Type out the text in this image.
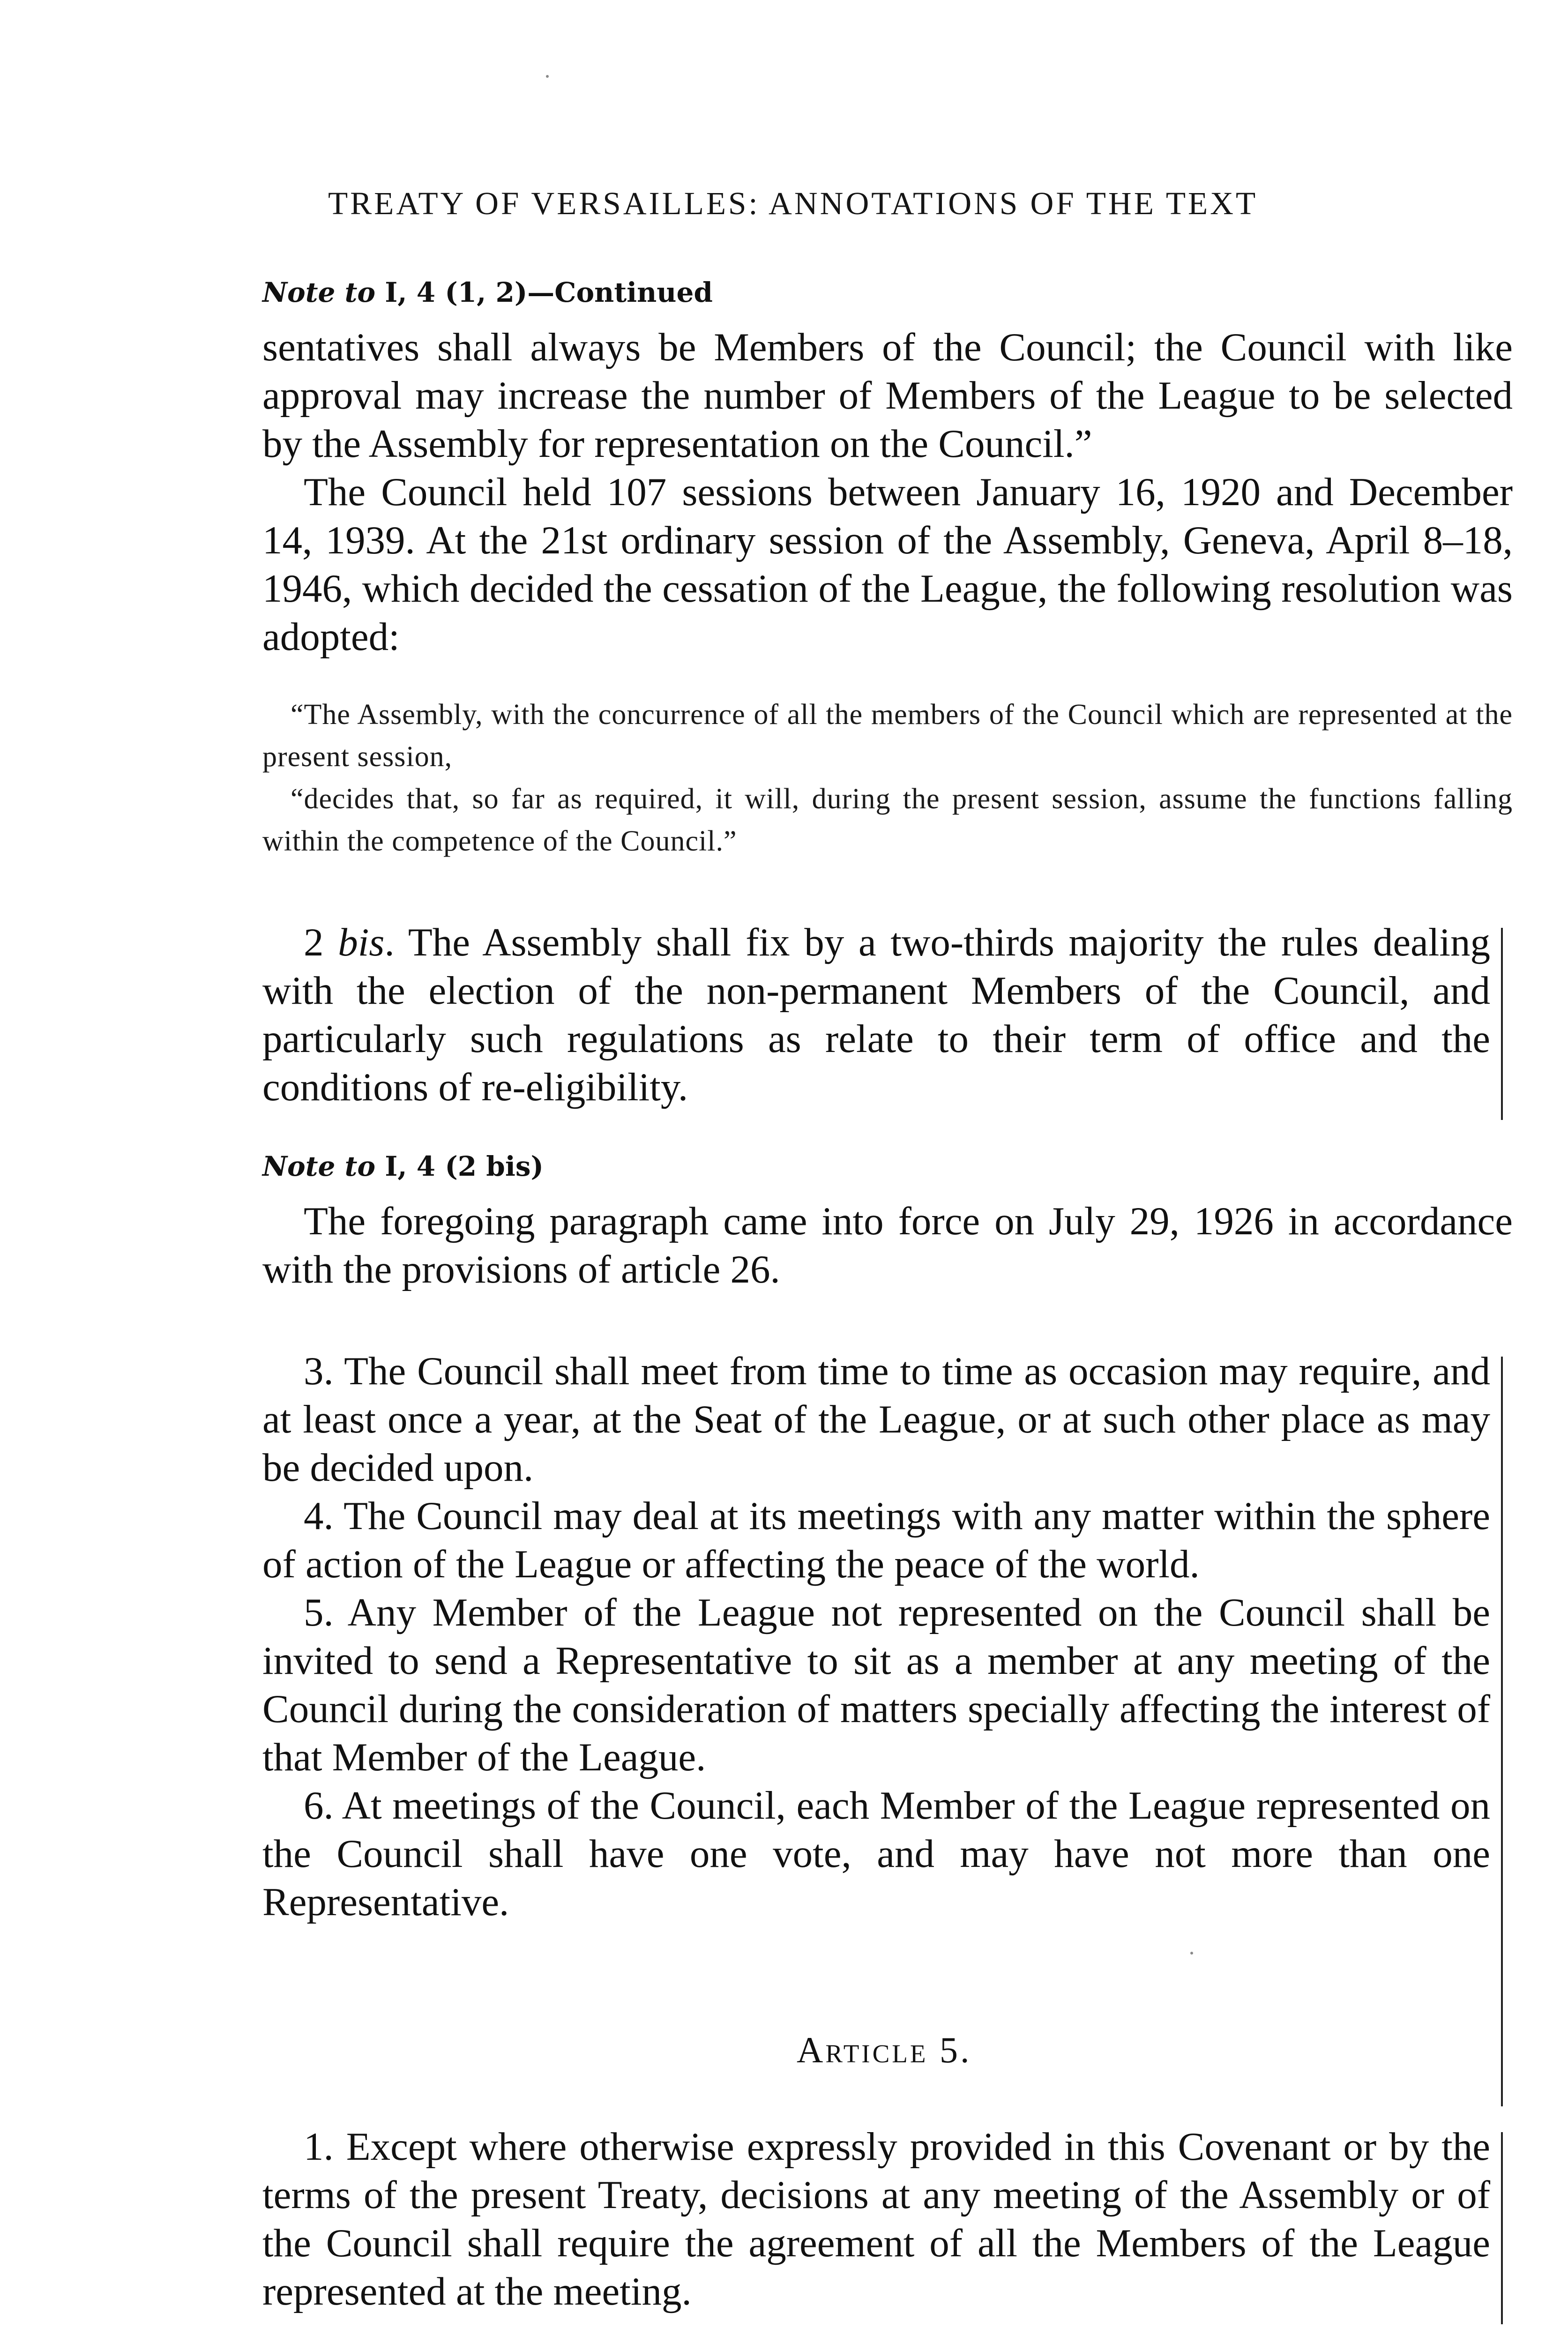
TREATY OF VERSAILLES: ANNOTATIONS OF THE TEXT
Note to I, 4 (1, 2)—Continued

sentatives shall always be Members of the Council; the Council with like approval may increase the number of Members of the League to be selected by the Assembly for representation on the Council.”

The Council held 107 sessions between January 16, 1920 and December 14, 1939. At the 21st ordinary session of the Assembly, Geneva, April 8–18, 1946, which decided the cessation of the League, the following resolution was adopted:

“The Assembly, with the concurrence of all the members of the Council which are represented at the present session,

“decides that, so far as required, it will, during the present session, assume the functions falling within the competence of the Council.”

2 bis. The Assembly shall fix by a two-thirds majority the rules dealing with the election of the non-permanent Members of the Council, and particularly such regulations as relate to their term of office and the conditions of re-eligibility.

Note to I, 4 (2 bis)

The foregoing paragraph came into force on July 29, 1926 in accordance with the provisions of article 26.

3. The Council shall meet from time to time as occasion may require, and at least once a year, at the Seat of the League, or at such other place as may be decided upon.

4. The Council may deal at its meetings with any matter within the sphere of action of the League or affecting the peace of the world.

5. Any Member of the League not represented on the Council shall be invited to send a Representative to sit as a member at any meeting of the Council during the consideration of matters specially affecting the interest of that Member of the League.

6. At meetings of the Council, each Member of the League represented on the Council shall have one vote, and may have not more than one Representative.

Article 5.

1. Except where otherwise expressly provided in this Covenant or by the terms of the present Treaty, decisions at any meeting of the Assembly or of the Council shall require the agreement of all the Members of the League represented at the meeting.
